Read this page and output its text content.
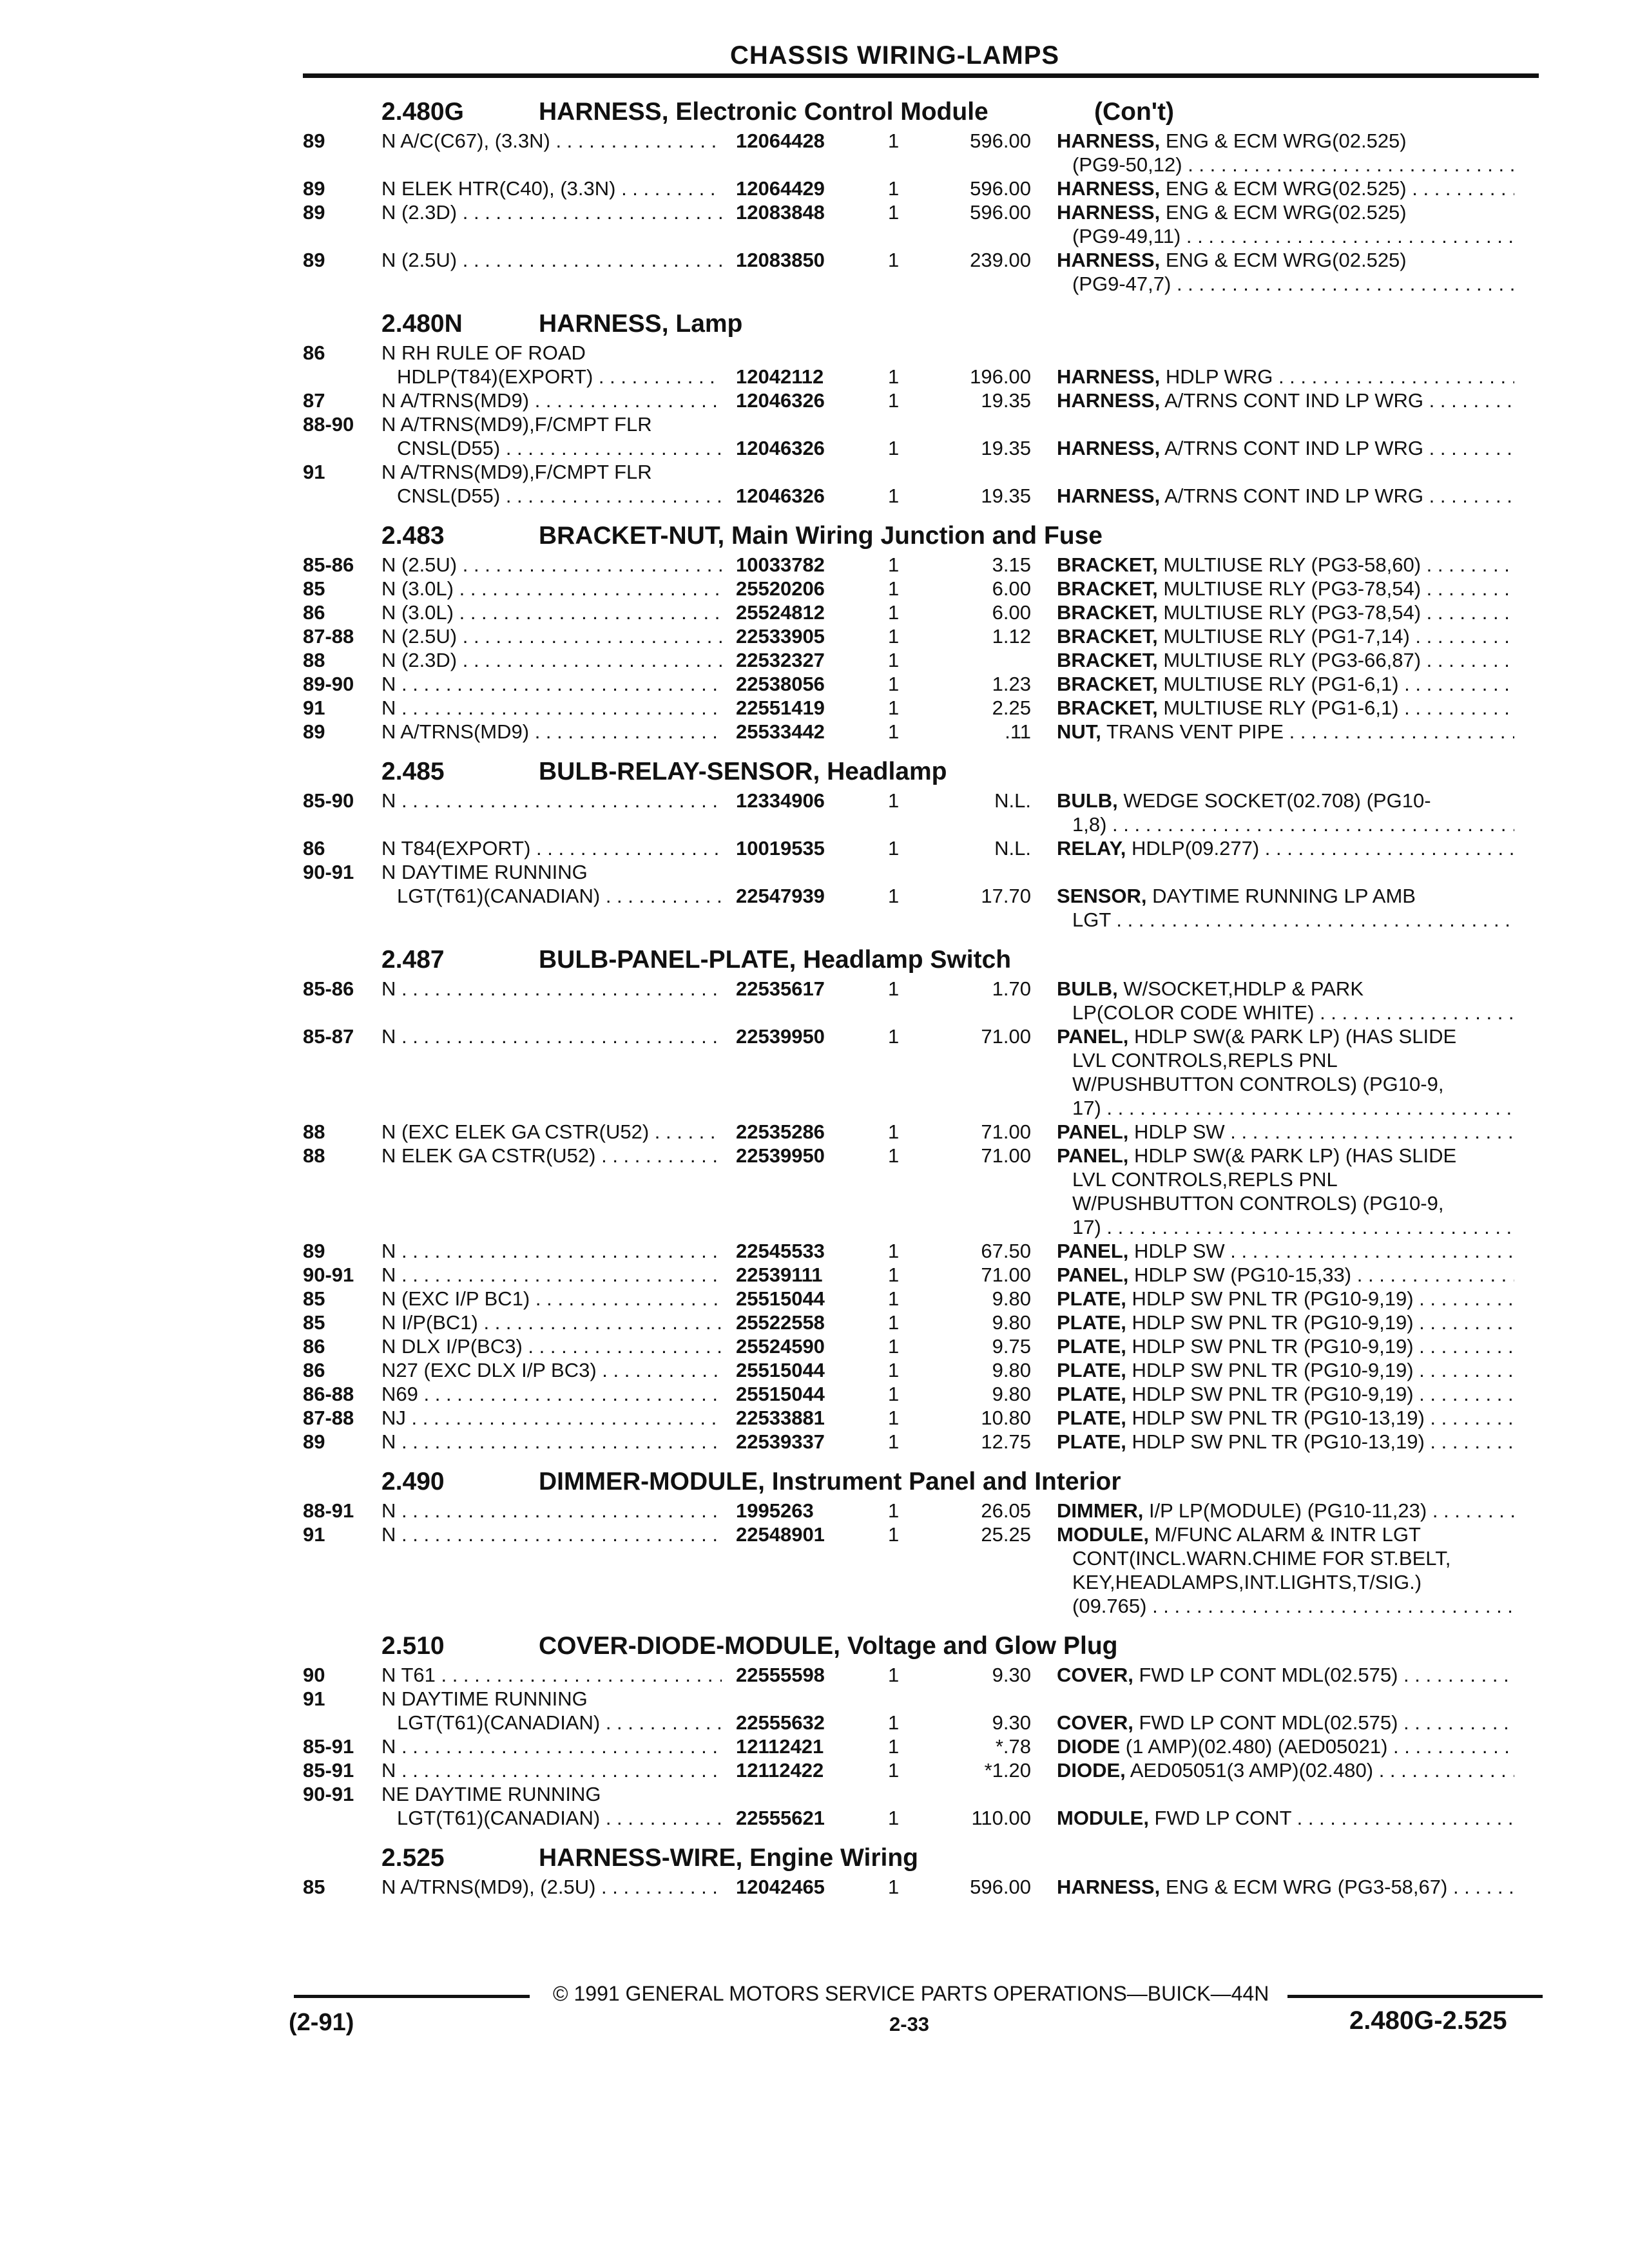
CHASSIS WIRING-LAMPS
2.480G	HARNESS, Electronic Control Module	(Con't)
89	N A/C(C67), (3.3N) . . .	12064428	1	596.00 HARNESS, ENG & ECM WRG(02.525)
(PG9-50,12) . . .
89	N ELEK HTR(C40), (3.3N) . . .	12064429	1	596.00 HARNESS, ENG & ECM WRG(02.525) . . .
89	N (2.3D) . . .	12083848	1	596.00 HARNESS, ENG & ECM WRG(02.525)
(PG9-49,11) . . .
89	N (2.5U) . . .	12083850	1	239.00 HARNESS, ENG & ECM WRG(02.525)
(PG9-47,7) . . .
2.480N	HARNESS, Lamp
86	N RH RULE OF ROAD
HDLP(T84)(EXPORT) . . .	12042112	1	196.00 HARNESS, HDLP WRG . . .
87	N A/TRNS(MD9) . . .	12046326	1	19.35 HARNESS, A/TRNS CONT IND LP WRG . . .
88-90 N A/TRNS(MD9),F/CMPT FLR
CNSL(D55) . . .	12046326	1	19.35 HARNESS, A/TRNS CONT IND LP WRG . . .
91	N A/TRNS(MD9),F/CMPT FLR
CNSL(D55) . . .	12046326	1	19.35 HARNESS, A/TRNS CONT IND LP WRG . . .
2.483	BRACKET-NUT, Main Wiring Junction and Fuse
85-86 N (2.5U) . . .	10033782	1	3.15 BRACKET, MULTIUSE RLY (PG3-58,60) . . .
85	N (3.0L) . . .	25520206	1	6.00 BRACKET, MULTIUSE RLY (PG3-78,54) . . .
86	N (3.0L) . . .	25524812	1	6.00 BRACKET, MULTIUSE RLY (PG3-78,54) . . .
87-88 N (2.5U) . . .	22533905	1	1.12 BRACKET, MULTIUSE RLY (PG1-7,14) . . .
88	N (2.3D) . . .	22532327	1	BRACKET, MULTIUSE RLY (PG3-66,87) . . .
89-90 N . . .	22538056	1	1.23 BRACKET, MULTIUSE RLY (PG1-6,1) . . .
91	N . . .	22551419	1	2.25 BRACKET, MULTIUSE RLY (PG1-6,1) . . .
89	N A/TRNS(MD9) . . .	25533442	1	.11 NUT, TRANS VENT PIPE . . .
2.485	BULB-RELAY-SENSOR, Headlamp
85-90 N . . .	12334906	1	N.L. BULB, WEDGE SOCKET(02.708) (PG10-
1,8) . . .
86	N T84(EXPORT) . . .	10019535	1	N.L. RELAY, HDLP(09.277) . . .
90-91 N DAYTIME RUNNING
LGT(T61)(CANADIAN) . . .	22547939	1	17.70 SENSOR, DAYTIME RUNNING LP AMB
LGT . . .
2.487	BULB-PANEL-PLATE, Headlamp Switch
85-86 N . . .	22535617	1	1.70 BULB, W/SOCKET,HDLP & PARK
LP(COLOR CODE WHITE) . . .
85-87 N . . .	22539950	1	71.00 PANEL, HDLP SW(& PARK LP) (HAS SLIDE
LVL CONTROLS,REPLS PNL
W/PUSHBUTTON CONTROLS) (PG10-9,
17) . . .
88	N (EXC ELEK GA CSTR(U52) . . .	22535286	1	71.00 PANEL, HDLP SW . . .
88	N ELEK GA CSTR(U52) . . .	22539950	1	71.00 PANEL, HDLP SW(& PARK LP) (HAS SLIDE
LVL CONTROLS,REPLS PNL
W/PUSHBUTTON CONTROLS) (PG10-9,
17) . . .
89	N . . .	22545533	1	67.50 PANEL, HDLP SW . . .
90-91 N . . .	22539111	1	71.00 PANEL, HDLP SW (PG10-15,33) . . .
85	N (EXC I/P BC1) . . .	25515044	1	9.80 PLATE, HDLP SW PNL TR (PG10-9,19) . . .
85	N I/P(BC1) . . .	25522558	1	9.80 PLATE, HDLP SW PNL TR (PG10-9,19) . . .
86	N DLX I/P(BC3) . . .	25524590	1	9.75 PLATE, HDLP SW PNL TR (PG10-9,19) . . .
86	N27 (EXC DLX I/P BC3) . . .	25515044	1	9.80 PLATE, HDLP SW PNL TR (PG10-9,19) . . .
86-88 N69 . . .	25515044	1	9.80 PLATE, HDLP SW PNL TR (PG10-9,19) . . .
87-88 NJ . . .	22533881	1	10.80 PLATE, HDLP SW PNL TR (PG10-13,19) . . .
89	N . . .	22539337	1	12.75 PLATE, HDLP SW PNL TR (PG10-13,19) . . .
2.490	DIMMER-MODULE, Instrument Panel and Interior
88-91 N . . .	1995263	1	26.05 DIMMER, I/P LP(MODULE) (PG10-11,23) . . .
91	N . . .	22548901	1	25.25 MODULE, M/FUNC ALARM & INTR LGT
CONT(INCL.WARN.CHIME FOR ST.BELT,
KEY,HEADLAMPS,INT.LIGHTS,T/SIG.)
(09.765) . . .
2.510	COVER-DIODE-MODULE, Voltage and Glow Plug
90	N T61 . . .	22555598	1	9.30 COVER, FWD LP CONT MDL(02.575) . . .
91	N DAYTIME RUNNING
LGT(T61)(CANADIAN) . . .	22555632	1	9.30 COVER, FWD LP CONT MDL(02.575) . . .
85-91 N . . .	12112421	1	*.78 DIODE (1 AMP)(02.480) (AED05021) . . .
85-91 N . . .	12112422	1	*1.20 DIODE, AED05051(3 AMP)(02.480) . . .
90-91 NE DAYTIME RUNNING
LGT(T61)(CANADIAN) . . .	22555621	1	110.00 MODULE, FWD LP CONT . . .
2.525	HARNESS-WIRE, Engine Wiring
85	N A/TRNS(MD9), (2.5U) . . .	12042465	1	596.00 HARNESS, ENG & ECM WRG (PG3-58,67) . . .
© 1991 GENERAL MOTORS SERVICE PARTS OPERATIONS—BUICK—44N
(2-91)	2-33	2.480G-2.525
